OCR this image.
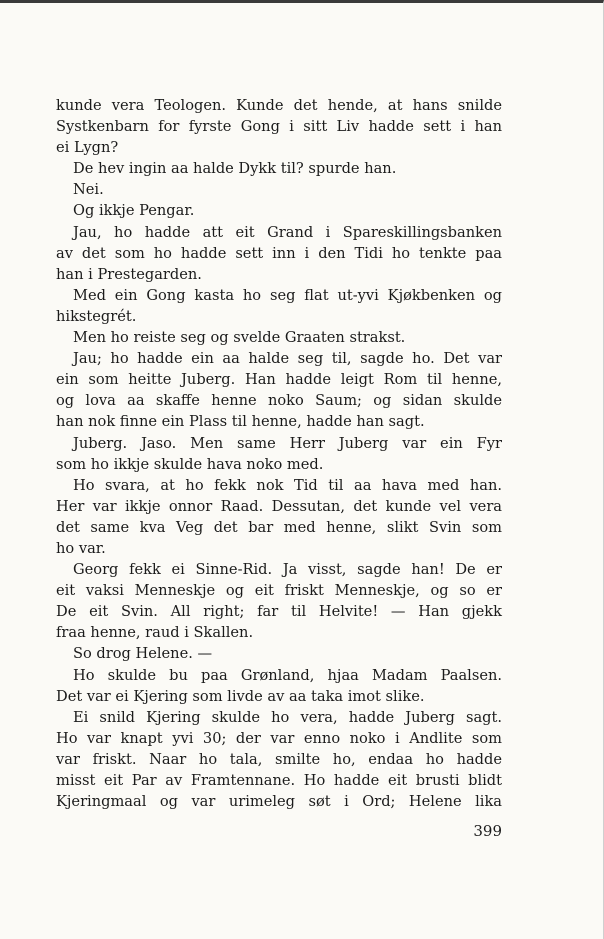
kunde vera Teologen. Kunde det hende, at hans snilde
Systkenbarn for fyrste Gong i sitt Liv hadde sett i han
ei Lygn?

De hev ingin aa halde Dykk til? spurde han.

Nei.

Og ikkje Pengar.

Jau, ho hadde att eit Grand i Spareskillingsbanken
av det som ho hadde sett inn i den Tidi ho tenkte paa
han i Prestegarden.

Med ein Gong kasta ho seg flat ut-yvi Kjøkbenken og
hikstegrét.

Men ho reiste seg og svelde Graaten strakst.

Jau; ho hadde ein aa halde seg til, sagde ho. Det var
ein som heitte Juberg. Han hadde leigt Rom til henne,
og lova aa skaffe henne noko Saum; og sidan skulde
han nok finne ein Plass til henne, hadde han sagt.

Juberg. Jaso. Men same Herr Juberg var ein Fyr
som ho ikkje skulde hava noko med.

Ho svara, at ho fekk nok Tid til aa hava med han.
Her var ikkje onnor Raad. Dessutan, det kunde vel vera
det same kva Veg det bar med henne, slikt Svin som
ho var.

Georg fekk ei Sinne-Rid. Ja visst, sagde han! De er
eit vaksi Menneskje og eit friskt Menneskje, og so er
De eit Svin. All right; far til Helvite! — Han gjekk
fraa henne, raud i Skallen.

So drog Helene. —

Ho skulde bu paa Grønland, hjaa Madam Paalsen.
Det var ei Kjering som livde av aa taka imot slike.

Ei snild Kjering skulde ho vera, hadde Juberg sagt.
Ho var knapt yvi 30; der var enno noko i Andlite som
var friskt. Naar ho tala, smilte ho, endaa ho hadde
misst eit Par av Framtennane. Ho hadde eit brusti blidt
Kjeringmaal og var urimeleg søt i Ord; Helene lika

399
